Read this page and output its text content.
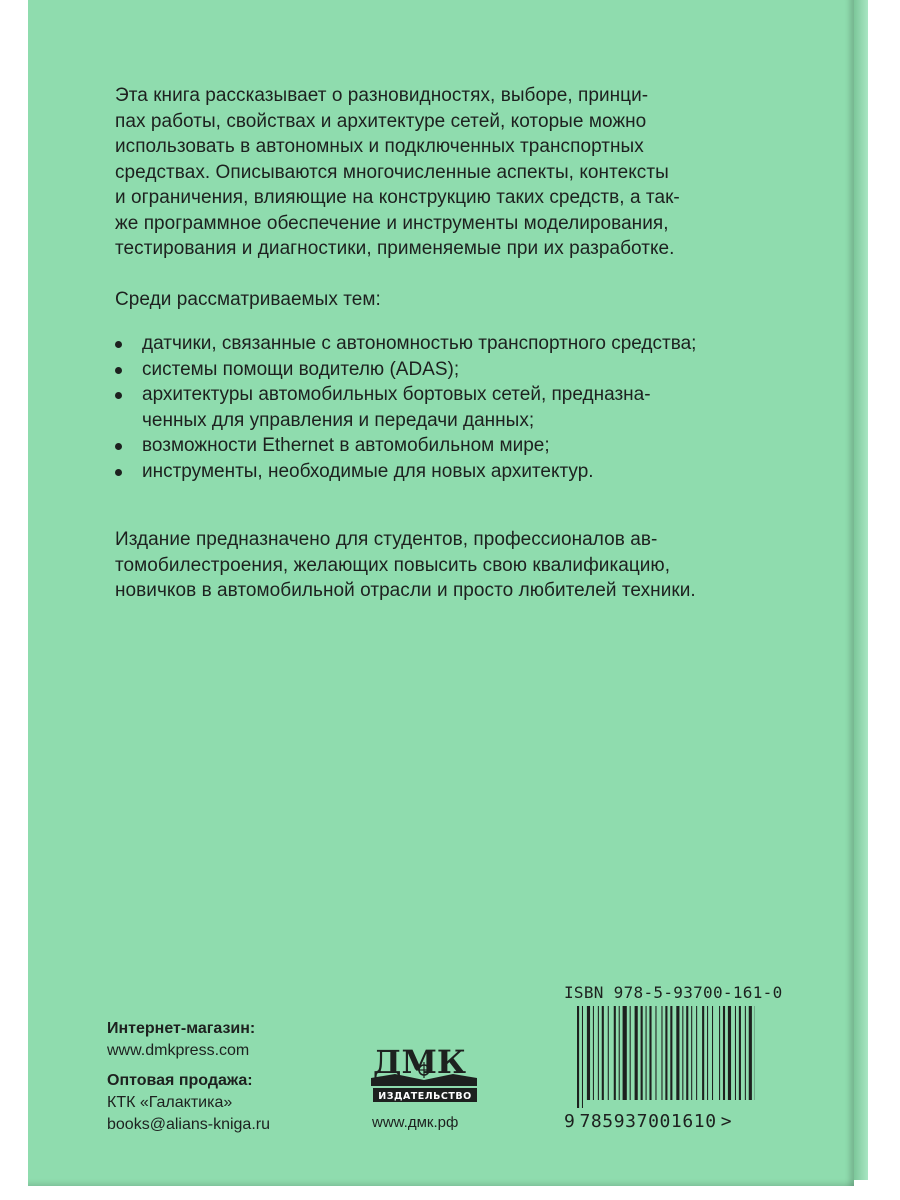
Эта книга рассказывает о разновидностях, выборе, принци-
пах работы, свойствах и архитектуре сетей, которые можно
использовать в автономных и подключенных транспортных
средствах. Описываются многочисленные аспекты, контексты
и ограничения, влияющие на конструкцию таких средств, а так-
же программное обеспечение и инструменты моделирования,
тестирования и диагностики, применяемые при их разработке.
Среди рассматриваемых тем:
датчики, связанные с автономностью транспортного средства;
системы помощи водителю (ADAS);
архитектуры автомобильных бортовых сетей, предназна-
ченных для управления и передачи данных;
возможности Ethernet в автомобильном мире;
инструменты, необходимые для новых архитектур.
Издание предназначено для студентов, профессионалов ав-
томобилестроения, желающих повысить свою квалификацию,
новичков в автомобильной отрасли и просто любителей техники.
Интернет-магазин:
www.dmkpress.com
Оптовая продажа:
КТК «Галактика»
books@alians-kniga.ru
ДМК
ИЗДАТЕЛЬСТВО
www.дмк.рф
ISBN 978-5-93700-161-0
9 785937001610 >
